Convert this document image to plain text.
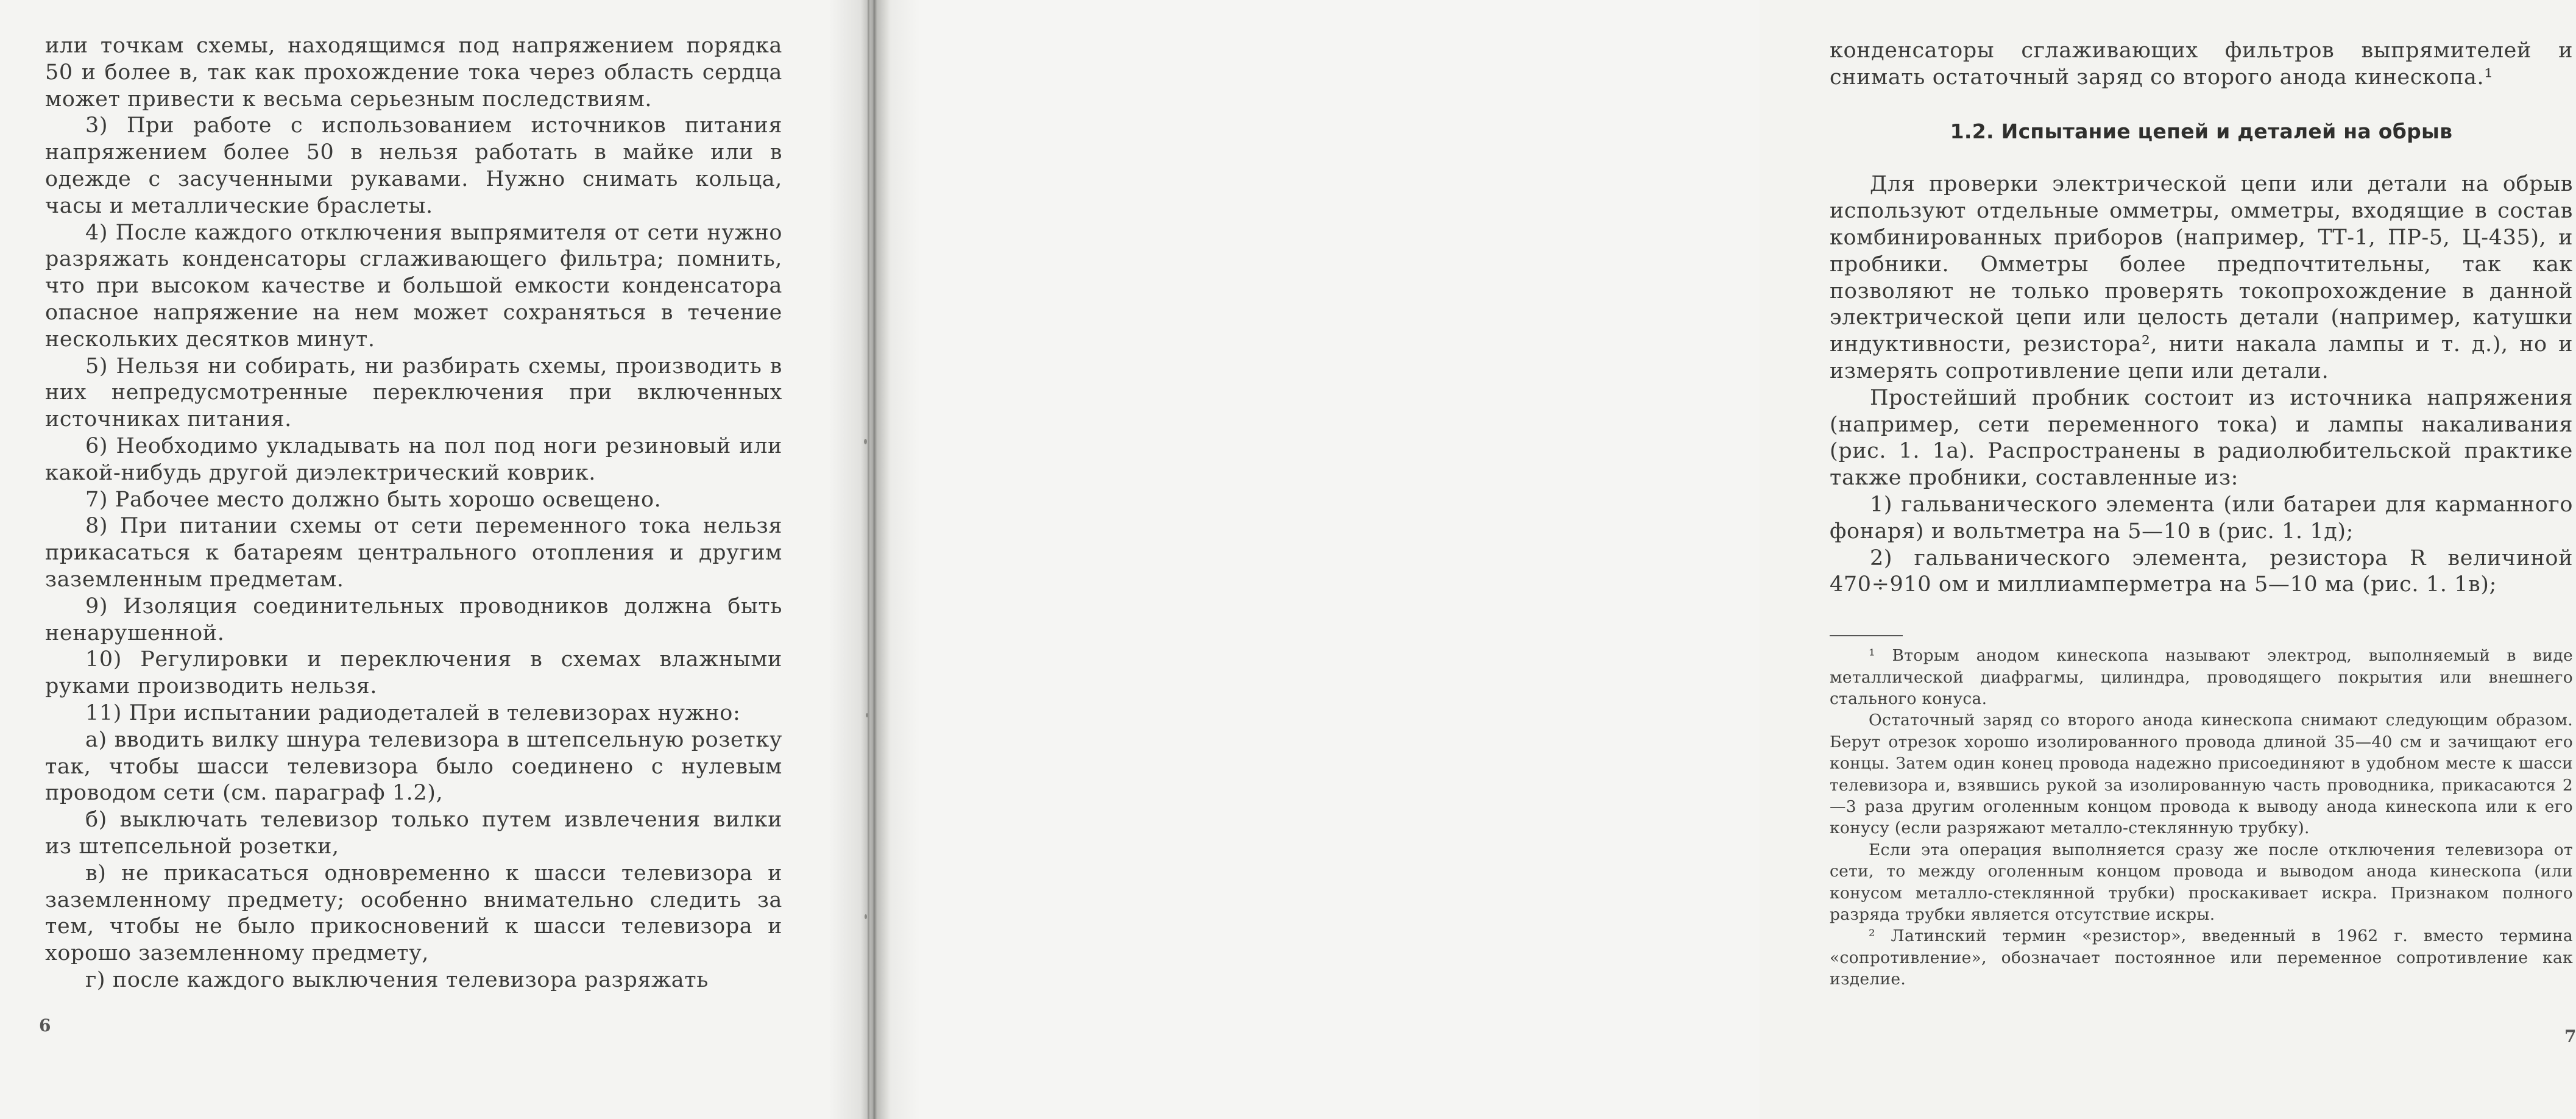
или точкам схемы, находящимся под напряжением порядка 50 и более в, так как прохождение тока через область сердца может привести к весьма серьезным последствиям.

3) При работе с использованием источников питания напряжением более 50 в нельзя работать в майке или в одежде с засученными рукавами. Нужно снимать кольца, часы и металлические браслеты.

4) После каждого отключения выпрямителя от сети нужно разряжать конденсаторы сглаживающего фильтра; помнить, что при высоком качестве и большой емкости конденсатора опасное напряжение на нем может сохраняться в течение нескольких десятков минут.

5) Нельзя ни собирать, ни разбирать схемы, производить в них непредусмотренные переключения при включенных источниках питания.

6) Необходимо укладывать на пол под ноги резиновый или какой-нибудь другой диэлектрический коврик.

7) Рабочее место должно быть хорошо освещено.

8) При питании схемы от сети переменного тока нельзя прикасаться к батареям центрального отопления и другим заземленным предметам.

9) Изоляция соединительных проводников должна быть ненарушенной.

10) Регулировки и переключения в схемах влажными руками производить нельзя.

11) При испытании радиодеталей в телевизорах нужно:

а) вводить вилку шнура телевизора в штепсельную розетку так, чтобы шасси телевизора было соединено с нулевым проводом сети (см. параграф 1.2),

б) выключать телевизор только путем извлечения вилки из штепсельной розетки,

в) не прикасаться одновременно к шасси телевизора и заземленному предмету; особенно внимательно следить за тем, чтобы не было прикосновений к шасси телевизора и хорошо заземленному предмету,

г) после каждого выключения телевизора разряжать

6

конденсаторы сглаживающих фильтров выпрямителей и снимать остаточный заряд со второго анода кинескопа.¹

1.2. Испытание цепей и деталей на обрыв

Для проверки электрической цепи или детали на обрыв используют отдельные омметры, омметры, входящие в состав комбинированных приборов (например, ТТ-1, ПР-5, Ц-435), и пробники. Омметры более предпочтительны, так как позволяют не только проверять токопрохождение в данной электрической цепи или целость детали (например, катушки индуктивности, резистора², нити накала лампы и т. д.), но и измерять сопротивление цепи или детали.

Простейший пробник состоит из источника напряжения (например, сети переменного тока) и лампы накаливания (рис. 1. 1а). Распространены в радиолюбительской практике также пробники, составленные из:

1) гальванического элемента (или батареи для карманного фонаря) и вольтметра на 5—10 в (рис. 1. 1д);

2) гальванического элемента, резистора R величиной 470÷910 ом и миллиамперметра на 5—10 ма (рис. 1. 1в);

¹ Вторым анодом кинескопа называют электрод, выполняемый в виде металлической диафрагмы, цилиндра, проводящего покрытия или внешнего стального конуса.

Остаточный заряд со второго анода кинескопа снимают следующим образом. Берут отрезок хорошо изолированного провода длиной 35—40 см и зачищают его концы. Затем один конец провода надежно присоединяют в удобном месте к шасси телевизора и, взявшись рукой за изолированную часть проводника, прикасаются 2—3 раза другим оголенным концом провода к выводу анода кинескопа или к его конусу (если разряжают металло-стеклянную трубку).

Если эта операция выполняется сразу же после отключения телевизора от сети, то между оголенным концом провода и выводом анода кинескопа (или конусом металло-стеклянной трубки) проскакивает искра. Признаком полного разряда трубки является отсутствие искры.

² Латинский термин «резистор», введенный в 1962 г. вместо термина «сопротивление», обозначает постоянное или переменное сопротивление как изделие.

7
